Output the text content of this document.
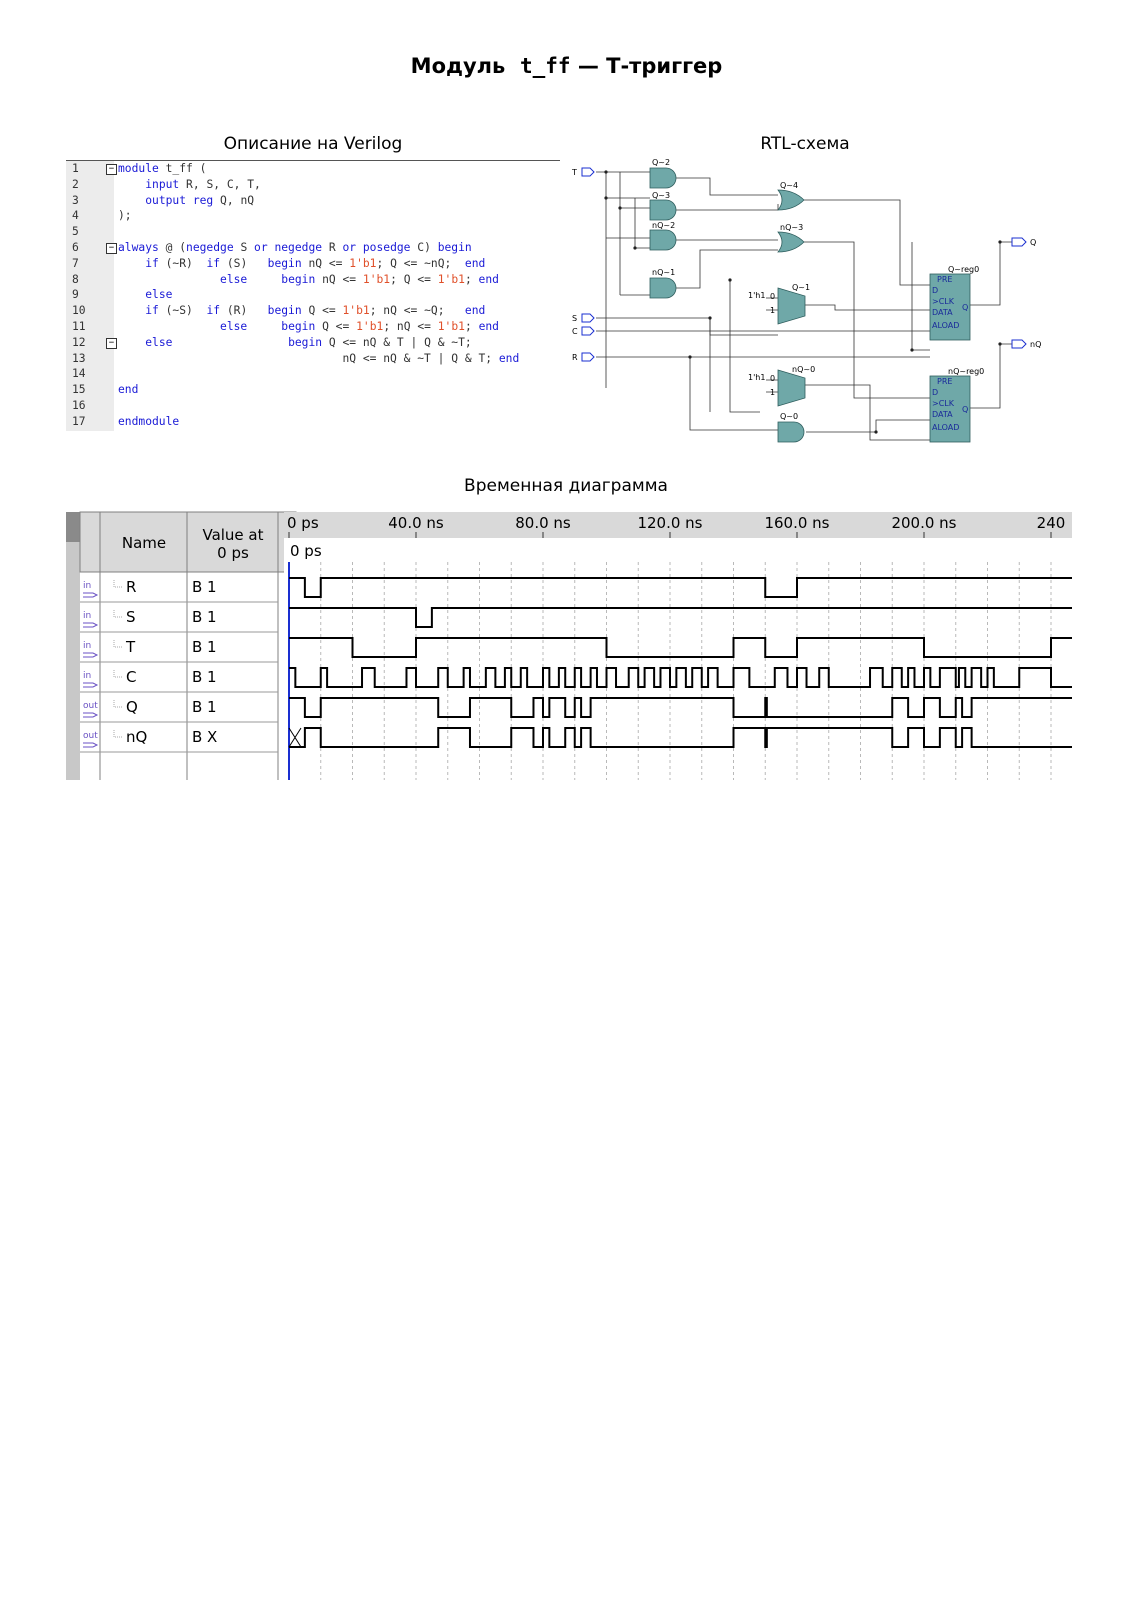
Модуль t_ff — Т-триггер
Описание на Verilog	RTL-схема
Временная диаграмма
1	− module t_ff (
2	input R, S, C, T,
3	output reg Q, nQ
4	);
5
6	− always @ (negedge S or negedge R or posedge C) begin
7	if (~R)  if (S)   begin nQ <= 1'b1; Q <= ~nQ;  end
8	else	begin nQ <= 1'b1; Q <= 1'b1; end
9	else
10	if (~S)  if (R)   begin Q <= 1'b1; nQ <= ~Q;   end
11	else	begin Q <= 1'b1; nQ <= 1'b1; end
12	−	else	begin Q <= nQ & T | Q & ~T;
13	nQ <= nQ & ~T | Q & T; end
14
15	end
16
17	endmodule
T
S
C
R
Q
nQ
Q~2
Q~3
nQ~2
nQ~1
Q~4
nQ~3
Q~1
nQ~0
Q~0
1'h1
1'h1
0
1
0
1
Q~reg0
nQ~reg0
PRE
D
>CLK
DATA
ALOAD
Q
PRE
D
>CLK
DATA
ALOAD
Q
Name Value at
0 ps
in R	B 1
in S	B 1
in T	B 1
in C	B 1
out Q	B 1
out nQ	B X
0 ps	40.0 ns	80.0 ns	120.0 ns	160.0 ns	200.0 ns	240
0 ps
